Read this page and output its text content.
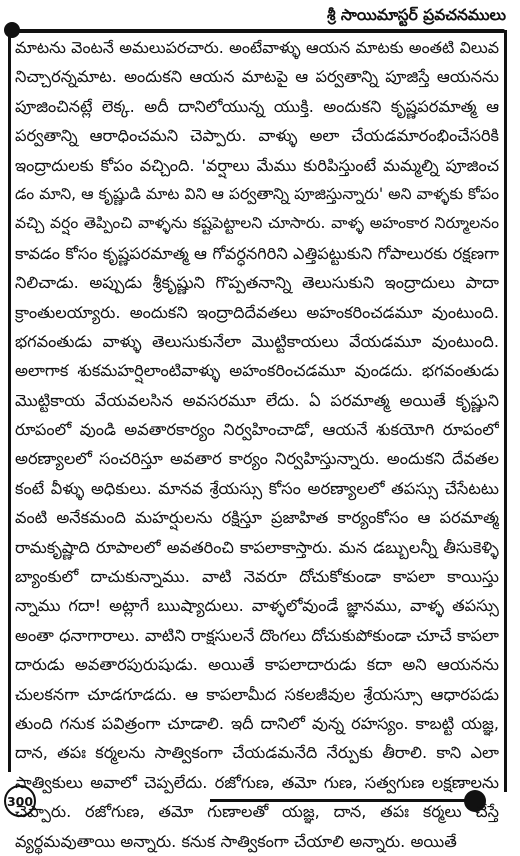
శ్రీ సాయిమాస్టర్ ప్రవచనములు
300
మాటను వెంటనే అమలుపరచారు. అంటేవాళ్ళు ఆయన మాటకు అంతటి విలువ
నిచ్చారన్నమాట. అందుకని ఆయన మాటపై ఆ పర్వతాన్ని పూజిస్తే ఆయనను
పూజించినట్లే లెక్క. అదీ దానిలోయున్న యుక్తి. అందుకని కృష్ణపరమాత్మ ఆ
పర్వతాన్ని ఆరాధించమని చెప్పారు. వాళ్ళు అలా చేయడమారంభించేసరికి
ఇంద్రాదులకు కోపం వచ్చింది. 'వర్షాలు మేము కురిపిస్తుంటే మమ్మల్ని పూజించ
డం మాని, ఆ కృష్ణుడి మాట విని ఆ పర్వతాన్ని పూజిస్తున్నారు' అని వాళ్ళకు కోపం
వచ్చి వర్షం తెప్పించి వాళ్ళను కష్టపెట్టాలని చూసారు. వాళ్ళ అహంకార నిర్మూలనం
కావడం కోసం కృష్ణపరమాత్మ ఆ గోవర్ధనగిరిని ఎత్తిపట్టుకుని గోపాలురకు రక్షణగా
నిలిచాడు. అప్పుడు శ్రీకృష్ణుని గొప్పతనాన్ని తెలుసుకుని ఇంద్రాదులు పాదా
క్రాంతులయ్యారు. అందుకని ఇంద్రాదిదేవతలు అహంకరించడమూ వుంటుంది.
భగవంతుడు వాళ్ళు తెలుసుకునేలా మొట్టికాయలు వేయడమూ వుంటుంది.
అలాగాక శుకమహర్షిలాంటివాళ్ళు అహంకరించడమూ వుండదు. భగవంతుడు
మొట్టికాయ వేయవలసిన అవసరమూ లేదు. ఏ పరమాత్మ అయితే కృష్ణుని
రూపంలో వుండి అవతారకార్యం నిర్వహించాడో, ఆయనే శుకయోగి రూపంలో
అరణ్యాలలో సంచరిస్తూ అవతార కార్యం నిర్వహిస్తున్నారు. అందుకని దేవతల
కంటే వీళ్ళు అధికులు. మానవ శ్రేయస్సు కోసం అరణ్యాలలో తపస్సు చేసేటటు
వంటి అనేకమంది మహర్షులను రక్షిస్తూ ప్రజాహిత కార్యంకోసం ఆ పరమాత్మ
రామకృష్ణాది రూపాలలో అవతరించి కాపలాకాస్తారు. మన డబ్బులన్నీ తీసుకెళ్ళి
బ్యాంకులో దాచుకున్నాము. వాటి నెవరూ దోచుకోకుండా కాపలా కాయిస్తు
న్నాము గదా! అట్లాగే ఋష్యాదులు. వాళ్ళలోవుండే జ్ఞానము, వాళ్ళ తపస్సు
అంతా ధనాగారాలు. వాటిని రాక్షసులనే దొంగలు దోచుకుపోకుండా చూచే కాపలా
దారుడు అవతారపురుషుడు. అయితే కాపలాదారుడు కదా అని ఆయనను
చులకనగా చూడగూడదు. ఆ కాపలామీద సకలజీవుల శ్రేయస్సూ ఆధారపడు
తుంది గనుక పవిత్రంగా చూడాలి. ఇదీ దానిలో వున్న రహస్యం. కాబట్టి యజ్ఞ,
దాన, తపః కర్మలను సాత్వికంగా చేయడమనేది నేర్పుకు తీరాలి. కాని ఎలా
సాత్వికులు అవాలో చెప్పలేదు. రజోగుణ, తమో గుణ, సత్వగుణ లక్షణాలను
చెప్పారు. రజోగుణ, తమో గుణాలతో యజ్ఞ, దాన, తపః కర్మలు చేస్తే
వ్యర్థమవుతాయి అన్నారు. కనుక సాత్వికంగా చేయాలి అన్నారు. అయితే
